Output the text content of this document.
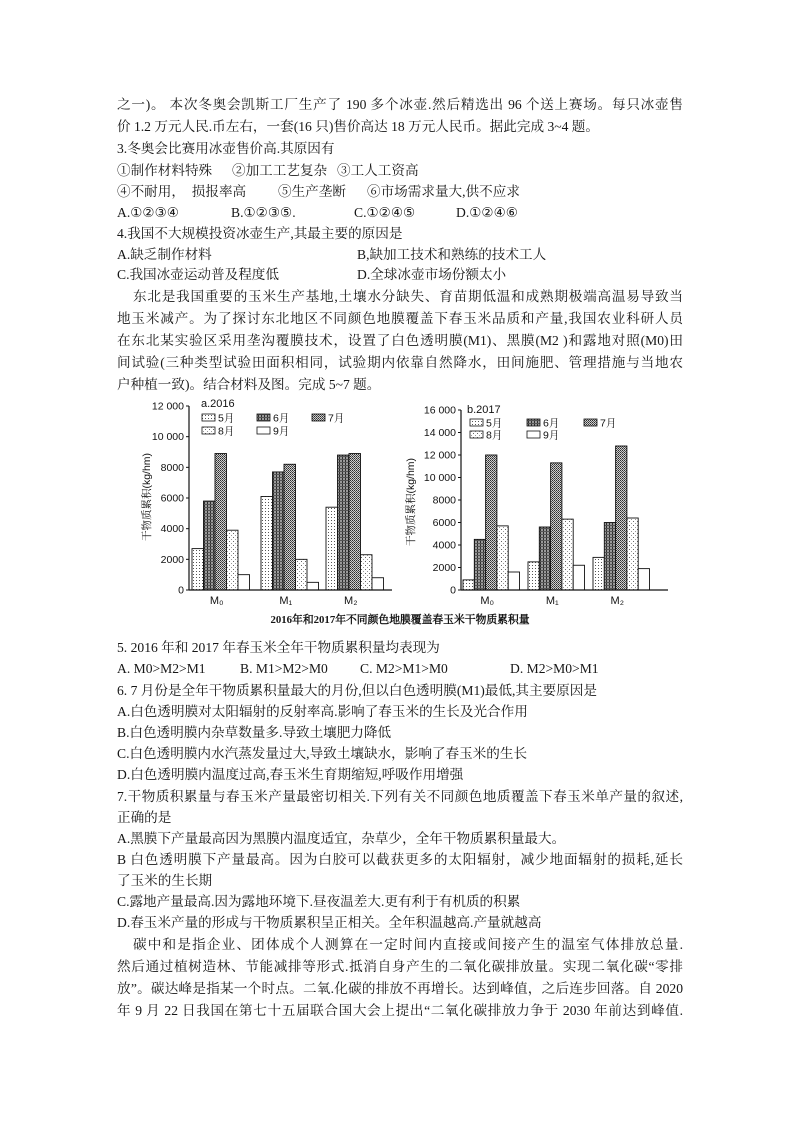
之一)。 本次冬奥会凯斯工厂生产了 190 多个冰壶.然后精选出 96 个送上赛场。每只冰壶售
价 1.2 万元人民.币左右，一套(16 只)售价高达 18 万元人民币。据此完成 3~4 题。
3.冬奥会比赛用冰壶售价高.其原因有
①制作材料特殊 ②加工工艺复杂 ③工人工资高
④不耐用，  损报率高 ⑤生产垄断 ⑥市场需求量大,供不应求
A.①②③④	B.①②③⑤.	C.①②④⑤	D.①②④⑥
4.我国不大规模投资冰壶生产,其最主要的原因是
A.缺乏制作材料	B,缺加工技术和熟练的技术工人
C.我国冰壶运动普及程度低	D.全球冰壶市场份额太小
东北是我国重要的玉米生产基地,土壤水分缺失、育苗期低温和成熟期极端高温易导致当
地玉米减产。为了探讨东北地区不同颜色地膜覆盖下春玉米品质和产量,我国农业科研人员
在东北某实验区采用垄沟覆膜技术，设置了白色透明膜(M1)、黑膜(M2 )和露地对照(M0)田
间试验(三种类型试验田面积相同，试验期内依靠自然降水，田间施肥、管理措施与当地农
户种植一致)。结合材料及图。完成 5~7 题。
0
2000
4000
6000
8000
10 000
12 000
M₀	M₁	M₂
a.2016
干物质累积(kg/hm)
5月	6月	7月
8月	9月
0
2000
4000
6000
8000
10 000
12 000
14 000
16 000
M₀	M₁	M₂
b.2017
干物质累积(kg/hm)
5月	6月	7月
8月	9月
2016年和2017年不同颜色地膜覆盖春玉米干物质累积量
5. 2016 年和 2017 年春玉米全年干物质累积量均表现为
A. M0>M2>M1	B. M1>M2>M0 C. M2>M1>M0	D. M2>M0>M1
6. 7 月份是全年干物质累积量最大的月份,但以白色透明膜(M1)最低,其主要原因是
A.白色透明膜对太阳辐射的反射率高.影响了春玉米的生长及光合作用
B.白色透明膜内杂草数量多.导致土壤肥力降低
C.白色透明膜内水汽蒸发量过大,导致土壤缺水，影响了春玉米的生长
D.白色透明膜内温度过高,春玉米生育期缩短,呼吸作用增强
7.干物质积累量与春玉米产量最密切相关.下列有关不同颜色地质覆盖下春玉米单产量的叙述,
正确的是
A.黑膜下产量最高因为黑膜内温度适宜，杂草少，全年干物质累积量最大。
B 白色透明膜下产量最高。因为白胶可以截获更多的太阳辐射，减少地面辐射的损耗,延长
了玉米的生长期
C.露地产量最高.因为露地环境下.昼夜温差大.更有利于有机质的积累
D.春玉米产量的形成与干物质累积呈正相关。全年积温越高.产量就越高
碳中和是指企业、团体成个人测算在一定时间内直接或间接产生的温室气体排放总量.
然后通过植树造林、节能减排等形式.抵消自身产生的二氧化碳排放量。实现二氧化碳“零排
放”。碳达峰是指某一个时点。二氧.化碳的排放不再增长。达到峰值，之后连步回落。自 2020
年 9 月 22 日我国在第七十五届联合国大会上提出“二氧化碳排放力争于 2030 年前达到峰值.
